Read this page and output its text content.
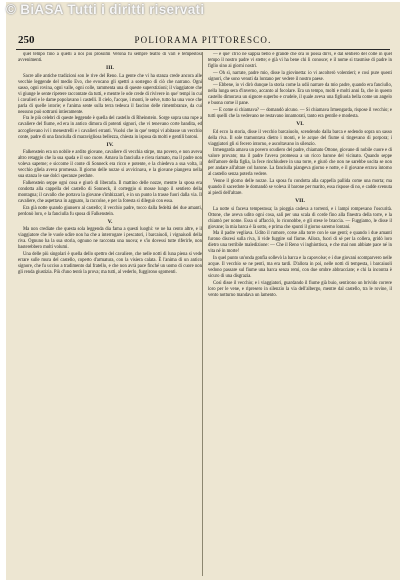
250	POLIORAMA PITTORESCO.

quel tempo fino a quelli a noi più prossimi Verona fu sempre teatro di vari e tempestosi avvenimenti.

III.

Sacre alle antiche tradizioni son le rive del Reno. La gente che vi ha stanza crede ancora alle vecchie leggende del medio Evo, che evocano gli spettri a sostegno di ciò che narrano. Ogni sasso, ogni rovina, ogni valle, ogni colle, rammenta una di queste superstizioni; il viaggiatore che vi giunge le sente ripetere raccontate da tutti, e mentre le ode crede di rivivere in que' tempi in cui i cavalieri e le dame popolavano i castelli. Il cielo, l'acque, i monti, le selve, tutto ha una voce che parla di quelle istorie; e l'anima sente sulla terra tedesca il fascino delle rimembranze, da cui nessuno può sottrarsi intieramente.

Fra le più celebri di queste leggende è quella del castello di Rheinstein. Sorge sopra una rupe a cavaliere del fiume, ed era in antico dimora di potenti signori, che vi tenevano corte bandita, ed accoglievano ivi i menestrelli e i cavalieri erranti. Vuolsi che in que' tempi vi abitasse un vecchio conte, padre di una fanciulla di maravigliosa bellezza, chiesta in isposa da molti e gentili baroni.

IV.

Falkenstein era un nobile e ardito giovane, cavaliere di vecchia stirpe, ma povero, e non aveva altro retaggio che la sua spada e il suo cuore. Amava la fanciulla e n'era riamato, ma il padre non voleva saperne; e siccome il conte di Sonneck era ricco e potente, e la chiedeva a sua volta, il vecchio gliela aveva promessa. Il giorno delle nozze si avvicinava, e la giovane piangeva nella sua stanza le sue dolci speranze perdute.

Falkenstein seppe ogni cosa e giurò di liberarla. Il mattino delle nozze, mentre la sposa era condotta alla cappella del castello di Sonneck, il corteggio si mosse lungo il sentiero della montagna; il cavallo che portava la giovane s'imbizzarrì, e in un punto la trasse fuori dalla via. Il cavaliere, che aspettava in agguato, la raccolse, e per la foresta si dileguò con essa.

Era già notte quando giunsero al castello; il vecchio padre, tocco dalla fedeltà dei due amanti, perdonò loro, e la fanciulla fu sposa di Falkenstein.

V.

Ma non crediate che questa sola leggenda dia fama a questi luoghi: ve ne ha cento altre, e il viaggiatore che le vuole udire non ha che a interrogare i pescatori, i barcaiuoli, i vignaiuoli della riva. Ognuno ha la sua storia, ognuno ne racconta una nuova; e s'io dovessi tutte riferirle, non basterebbero molti volumi.

Una delle più singolari è quella dello spettro del cavaliere, che nelle notti di luna piena si vede errare sulle mura del castello, coperto d'armatura, con la visiera calata. È l'anima di un antico signore, che fu ucciso a tradimento dal fratello, e che non avrà pace finché un uomo di cuore non gli renda giustizia. Più d'uno tentò la prova; ma tutti, al vederlo, fuggirono sgomenti.

— e que' ch'io ne sappia bello e grande che ora io possa dirvi, e dal sentiero del colle in quel tempo il nostro padre vi stette; e già vi ha bene chi li conosce; e il nome si trasmise di padre in figlio sino ai giorni nostri.

— Oh sì, narrate, padre mio, disse la giovinetta: io vi ascolterò volentieri; e così pure questi signori, che sono venuti da lontano per vedere il nostro paese.

— Ebbene, io vi dirò dunque la storia come la udii narrare da mio padre, quando era fanciullo, nella lunga sera d'inverno, accanto al focolare. Era un tempo, molti e molti anni fa, che in questo castello dimorava un signore superbo e crudele, il quale aveva una figliuola bella come un angelo e buona come il pane.

— E come si chiamava? — domandò alcuno. — Si chiamava Irmengarda, rispose il vecchio; e tutti quelli che la vedevano ne restavano innamorati, tanto era gentile e modesta.

VI.

Ed ecco la storia, disse il vecchio barcaiuolo, scendendo dalla barca e sedendo sopra un sasso della riva. Il sole tramontava dietro i monti, e le acque del fiume si tingevano di porpora; i viaggiatori gli si fecero intorno, e ascoltavano in silenzio.

Irmengarda amava un povero scudiero del padre, chiamato Ottone, giovane di nobile cuore e di valore provato; ma il padre l'aveva promessa a un ricco barone del vicinato. Quando seppe dell'amore della figlia, la fece rinchiudere in una torre, e giurò che non ne sarebbe uscita se non per andare all'altare col barone. La fanciulla piangeva giorno e notte, e il giovane errava intorno al castello senza poterla vedere.

Venne il giorno delle nozze. La sposa fu condotta alla cappella pallida come una morta; ma quando il sacerdote le domandò se voleva il barone per marito, essa rispose di no, e cadde svenuta ai piedi dell'altare.

VII.

La notte si faceva tempestosa; la pioggia cadeva a torrenti, e i lampi rompevano l'oscurità. Ottone, che aveva udito ogni cosa, salì per una scala di corde fino alla finestra della torre, e la chiamò per nome. Essa si affacciò, lo riconobbe, e gli stese le braccia. — Fuggiamo, le disse il giovane; la mia barca è là sotto, e prima che spunti il giorno saremo lontani.

Ma il padre vegliava. Udito il rumore, corse alla torre con le sue genti; e quando i due amanti furono discesi sulla riva, li vide fuggire sul fiume. Allora, fuori di sé per la collera, gridò loro dietro una terribile maledizione: — Che il Reno vi inghiottisca, e che mai non abbiate pace né in vita né in morte!

In quel punto un'onda gonfia sollevò la barca e la capovolse; e i due giovani scomparvero nelle acque. Il vecchio se ne pentì, ma era tardi. D'allora in poi, nelle notti di tempesta, i barcaiuoli vedono passare sul fiume una barca senza remi, con due ombre abbracciate; e chi la incontra è sicuro di una disgrazia.

Così disse il vecchio; e i viaggiatori, guardando il fiume già buio, sentirono un brivido correre loro per le vene, e ripresero in silenzio la via dell'albergo, mentre dal castello, tra le rovine, il vento notturno mandava un lamento.

© BiASA Tutti i diritti riservati
